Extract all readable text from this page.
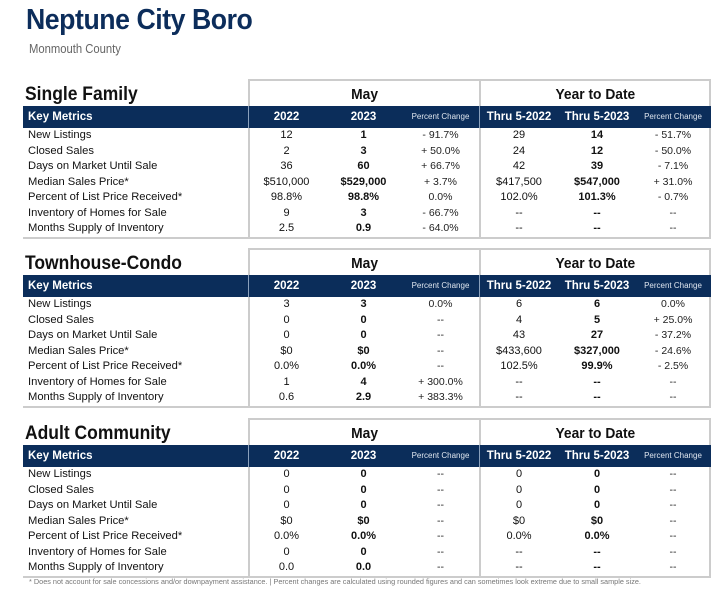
Neptune City Boro
Monmouth County
Single Family	May	Year to Date
Key Metrics	2022	2023	Percent Change	Thru 5-2022	Thru 5-2023	Percent Change
New Listings	12	1	- 91.7%	29	14	- 51.7%
Closed Sales	2	3	+ 50.0%	24	12	- 50.0%
Days on Market Until Sale	36	60	+ 66.7%	42	39	- 7.1%
Median Sales Price*	$510,000	$529,000	+ 3.7%	$417,500	$547,000	+ 31.0%
Percent of List Price Received*	98.8%	98.8%	0.0%	102.0%	101.3%	- 0.7%
Inventory of Homes for Sale	9	3	- 66.7%	--	--	--
Months Supply of Inventory	2.5	0.9	- 64.0%	--	--	--
Townhouse-Condo	May	Year to Date
Key Metrics	2022	2023	Percent Change	Thru 5-2022	Thru 5-2023	Percent Change
New Listings	3	3	0.0%	6	6	0.0%
Closed Sales	0	0	--	4	5	+ 25.0%
Days on Market Until Sale	0	0	--	43	27	- 37.2%
Median Sales Price*	$0	$0	--	$433,600	$327,000	- 24.6%
Percent of List Price Received*	0.0%	0.0%	--	102.5%	99.9%	- 2.5%
Inventory of Homes for Sale	1	4	+ 300.0%	--	--	--
Months Supply of Inventory	0.6	2.9	+ 383.3%	--	--	--
Adult Community	May	Year to Date
Key Metrics	2022	2023	Percent Change	Thru 5-2022	Thru 5-2023	Percent Change
New Listings	0	0	--	0	0	--
Closed Sales	0	0	--	0	0	--
Days on Market Until Sale	0	0	--	0	0	--
Median Sales Price*	$0	$0	--	$0	$0	--
Percent of List Price Received*	0.0%	0.0%	--	0.0%	0.0%	--
Inventory of Homes for Sale	0	0	--	--	--	--
Months Supply of Inventory	0.0	0.0	--	--	--	--
* Does not account for sale concessions and/or downpayment assistance. | Percent changes are calculated using rounded figures and can sometimes look extreme due to small sample size.
